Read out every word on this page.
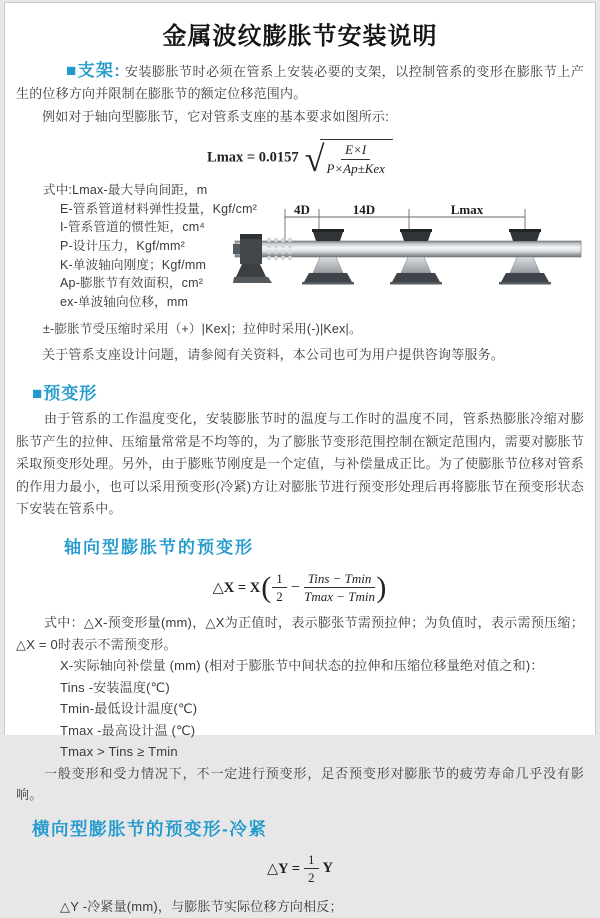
金属波纹膨胀节安装说明

■支架: 安装膨胀节时必须在管系上安装必要的支架，以控制管系的变形在膨胀节上产生的位移方向并限制在膨胀节的额定位移范围内。

例如对于轴向型膨胀节，它对管系支座的基本要求如图所示:

Lmax = 0.0157 √ $\frac{E\times I}{\text{P×Ap±Kex}}$
式中:Lmax-最大导向间距，m
E-管系管道材料弹性投量，Kgf/cm²
I-管系管道的惯性矩，cm⁴
P-设计压力，Kgf/mm²
K-单波轴向刚度；Kgf/mm
Ap-膨胀节有效面积，cm²
ex-单波轴向位移，mm
4D	14D	Lmax

±-膨胀节受压缩时采用（+）|Kex|；拉伸时采用(-)|Kex|。

关于管系支座设计问题，请参阅有关资料，本公司也可为用户提供咨询等服务。

■预变形

由于管系的工作温度变化，安装膨胀节时的温度与工作时的温度不同，管系热膨胀冷缩对膨胀节产生的拉伸、压缩量常常是不均等的，为了膨胀节变形范围控制在额定范围内，需要对膨胀节采取预变形处理。另外，由于膨账节刚度是一个定值，与补偿量成正比。为了使膨胀节位移对管系的作用力最小，也可以采用预变形(冷紧)方让对膨胀节进行预变形处理后再将膨胀节在预变形状态下安装在管系中。

轴向型膨胀节的预变形
△X = $X( \frac{1}{2} - \frac{\text{Tins − Tmin}}{Tmax - Tmin}$ )

式中：△X-预变形量(mm)，△X为正值时，表示膨张节需预拉伸；为负值时，表示需预压缩；△X = 0时表示不需预变形。

X-实际轴向补偿量 (mm) (相对于膨胀节中间状态的拉伸和压缩位移量绝对值之和)：

Tins -安装温度(℃)

Tmin-最低设计温度(℃)

Tmax -最高设计温 (℃)

Tmax > Tins ≥ Tmin

一般变形和受力情况下，不一定进行预变形，足否预变形对膨胀节的疲劳寿命几乎没有影响。

横向型膨胀节的预变形-冷紧
△Y = $\frac{1}{2}$ Y

△Y -冷紧量(mm)，与膨胀节实际位移方向相反；
